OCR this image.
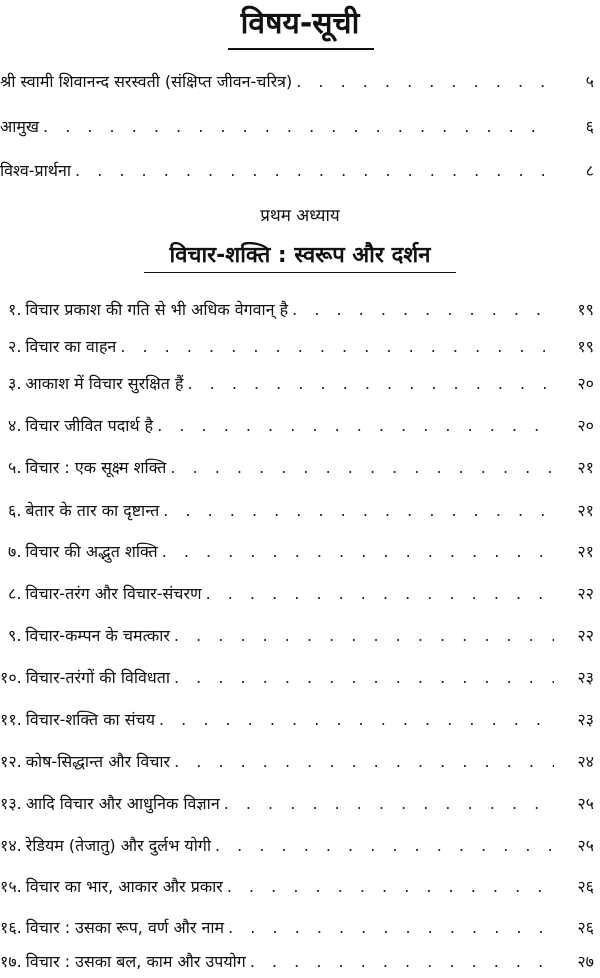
विषय-सूची
श्री स्वामी शिवानन्द सरस्वती (संक्षिप्त जीवन-चरित्र) . . .	५
आमुख . . .	६
विश्व-प्रार्थना . . .	८
प्रथम अध्याय
विचार-शक्ति : स्वरूप और दर्शन
१. विचार प्रकाश की गति से भी अधिक वेगवान् है . . .	१९
२. विचार का वाहन . . .	१९
३. आकाश में विचार सुरक्षित हैं . . .	२०
४. विचार जीवित पदार्थ है . . .	२०
५. विचार : एक सूक्ष्म शक्ति . . .	२१
६. बेतार के तार का दृष्टान्त . . .	२१
७. विचार की अद्भुत शक्ति . . .	२१
८. विचार-तरंग और विचार-संचरण . . .	२२
९. विचार-कम्पन के चमत्कार . . .	२२
१०. विचार-तरंगों की विविधता . . .	२३
११. विचार-शक्ति का संचय . . .	२३
१२. कोष-सिद्धान्त और विचार . . .	२४
१३. आदि विचार और आधुनिक विज्ञान . . .	२५
१४. रेडियम (तेजातु) और दुर्लभ योगी . . .	२५
१५. विचार का भार, आकार और प्रकार . . .	२६
१६. विचार : उसका रूप, वर्ण और नाम . . .	२६
१७. विचार : उसका बल, काम और उपयोग . . .	२७
